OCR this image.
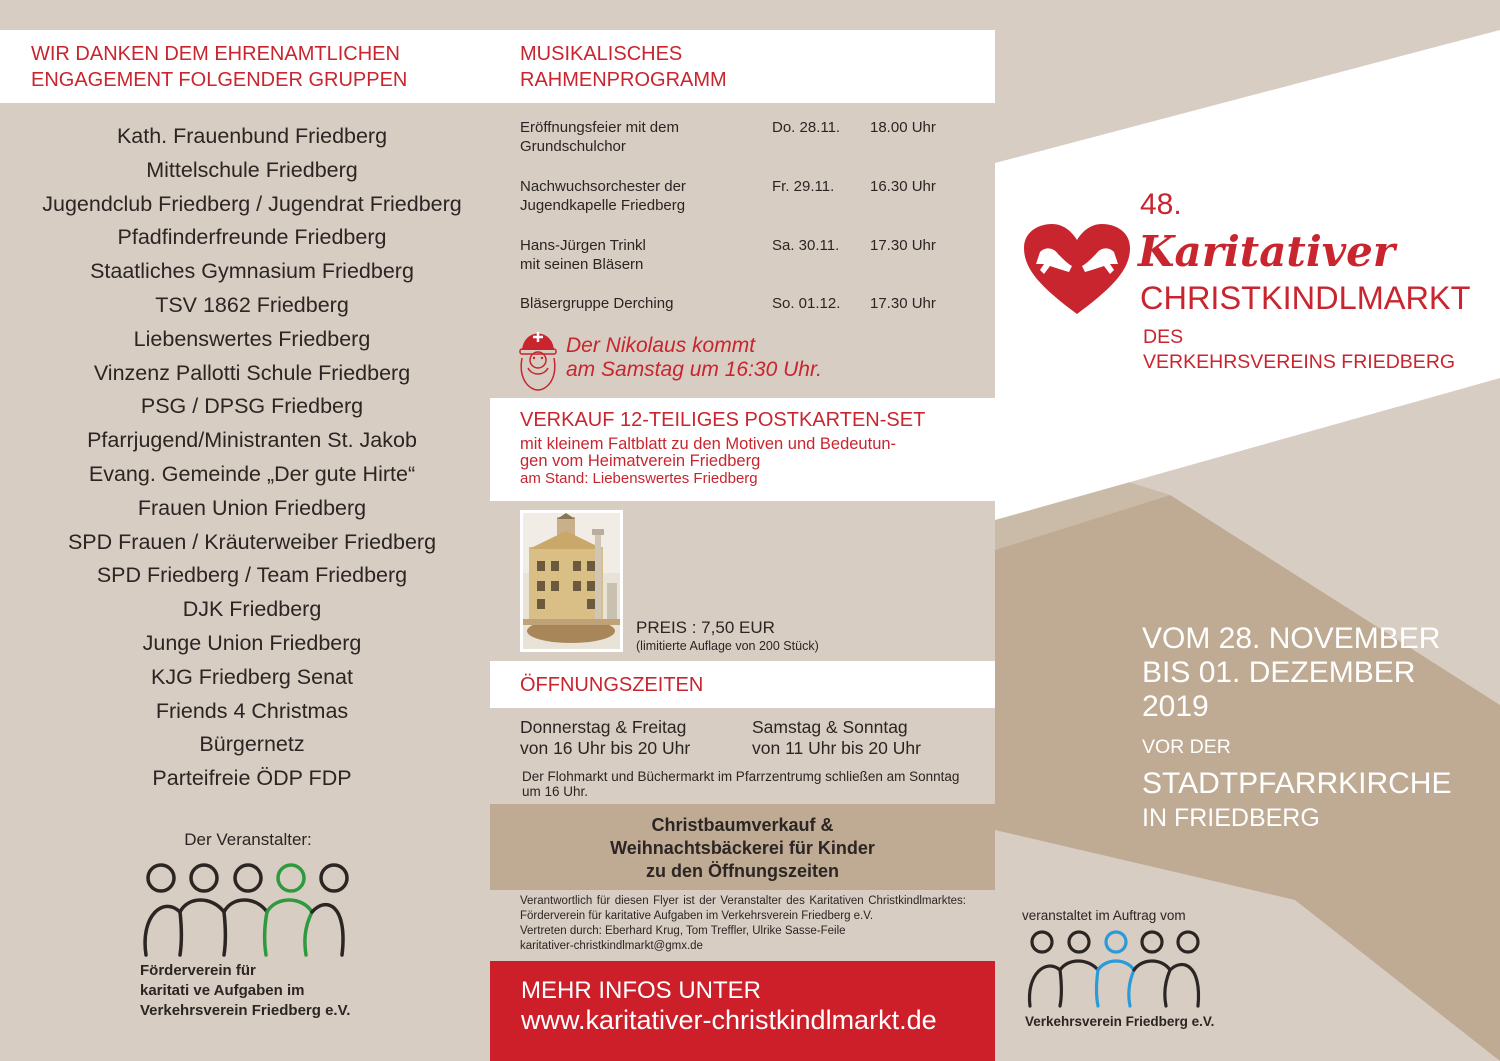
WIR DANKEN DEM EHRENAMTLICHEN
ENGAGEMENT FOLGENDER GRUPPEN
Kath. Frauenbund Friedberg
Mittelschule Friedberg
Jugendclub Friedberg / Jugendrat Friedberg
Pfadfinderfreunde Friedberg
Staatliches Gymnasium Friedberg
TSV 1862 Friedberg
Liebenswertes Friedberg
Vinzenz Pallotti Schule Friedberg
PSG / DPSG Friedberg
Pfarrjugend/Ministranten St. Jakob
Evang. Gemeinde „Der gute Hirte“
Frauen Union Friedberg
SPD Frauen / Kräuterweiber Friedberg
SPD Friedberg / Team Friedberg
DJK Friedberg
Junge Union Friedberg
KJG Friedberg Senat
Friends 4 Christmas
Bürgernetz
Parteifreie ÖDP FDP
Der Veranstalter:
Förderverein für
karitati ve Aufgaben im
Verkehrsverein Friedberg e.V.
MUSIKALISCHES
RAHMENPROGRAMM
Eröffnungsfeier mit dem
Grundschulchor
Do. 28.11. 18.00 Uhr
Nachwuchsorchester der
Jugendkapelle Friedberg
Fr. 29.11. 16.30 Uhr
Hans-Jürgen Trinkl
mit seinen Bläsern
Sa. 30.11. 17.30 Uhr
Bläsergruppe Derching	So. 01.12. 17.30 Uhr
Der Nikolaus kommt
am Samstag um 16:30 Uhr.
VERKAUF 12-TEILIGES POSTKARTEN-SET
mit kleinem Faltblatt zu den Motiven und Bedeutun-
gen vom Heimatverein Friedberg
am Stand: Liebenswertes Friedberg
PREIS : 7,50 EUR
(limitierte Auflage von 200 Stück)
ÖFFNUNGSZEITEN
Donnerstag & Freitag
von 16 Uhr bis 20 Uhr
Samstag & Sonntag
von 11 Uhr bis 20 Uhr
Der Flohmarkt und Büchermarkt im Pfarrzentrumg schließen am Sonntag um 16 Uhr.
Christbaumverkauf &
Weihnachtsbäckerei für Kinder
zu den Öffnungszeiten
Verantwortlich für diesen Flyer ist der Veranstalter des Karitativen Christkindlmarktes: Förderverein für karitative Aufgaben im Verkehrsverein Friedberg e.V.
Vertreten durch: Eberhard Krug, Tom Treffler, Ulrike Sasse-Feile
karitativer-christkindlmarkt@gmx.de
MEHR INFOS UNTER
www.karitativer-christkindlmarkt.de
48.
Karitativer
CHRISTKINDLMARKT
DES
VERKEHRSVEREINS FRIEDBERG
VOM 28. NOVEMBER
BIS 01. DEZEMBER
2019
VOR DER
STADTPFARRKIRCHE
IN FRIEDBERG
veranstaltet im Auftrag vom
Verkehrsverein Friedberg e.V.
